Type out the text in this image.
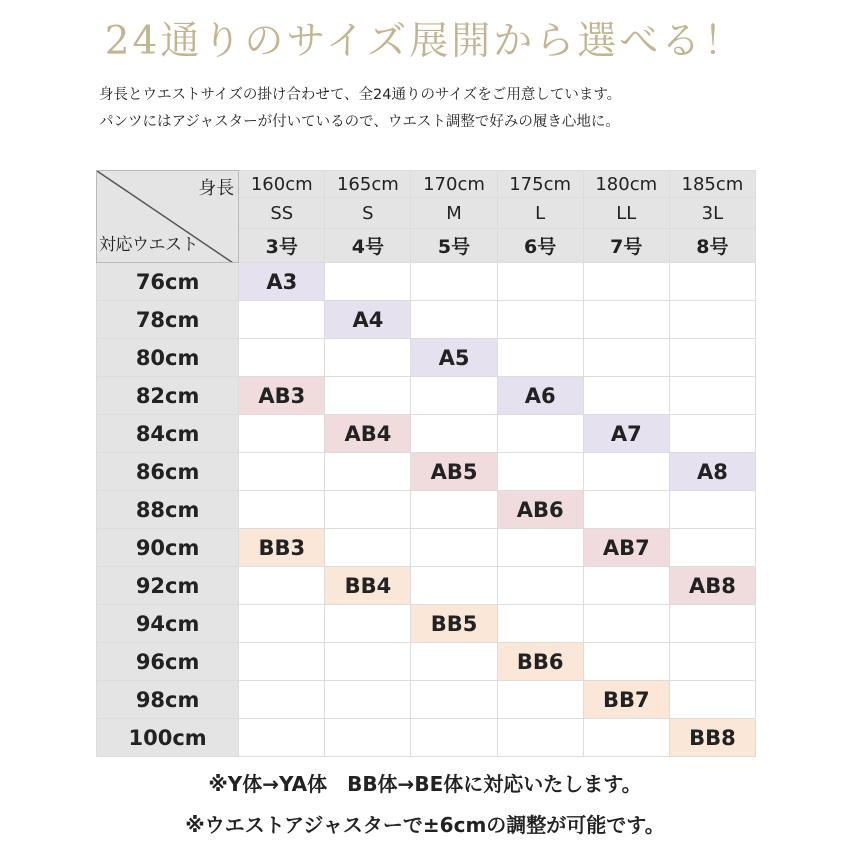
24通りのサイズ展開から選べる！
身長とウエストサイズの掛け合わせて、全24通りのサイズをご用意しています。
パンツにはアジャスターが付いているので、ウエスト調整で好みの履き心地に。
身長
対応ウエスト	160cm	165cm	170cm	175cm	180cm	185cm
	SS	S	M	L	LL	3L
	3号	4号	5号	6号	7号	8号
76cm	A3					
78cm		A4				
80cm			A5			
82cm	AB3			A6		
84cm		AB4			A7	
86cm			AB5			A8
88cm				AB6		
90cm	BB3				AB7	
92cm		BB4				AB8
94cm			BB5			
96cm				BB6		
98cm					BB7	
100cm						BB8
※Y体→YA体　BB体→BE体に対応いたします。
※ウエストアジャスターで±6cmの調整が可能です。
